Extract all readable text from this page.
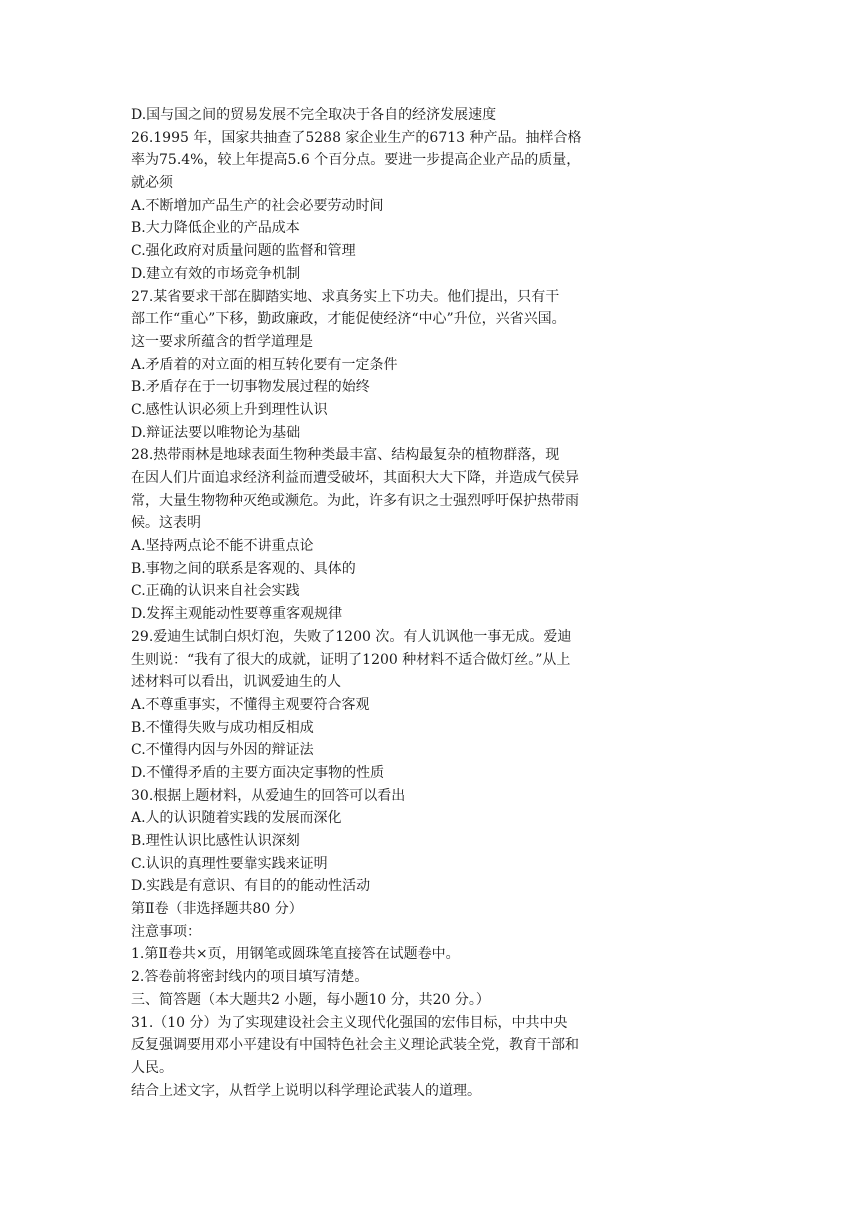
D.国与国之间的贸易发展不完全取决于各自的经济发展速度
26.1995 年，国家共抽查了5288 家企业生产的6713 种产品。抽样合格
率为75.4%，较上年提高5.6 个百分点。要进一步提高企业产品的质量，
就必须
A.不断增加产品生产的社会必要劳动时间
B.大力降低企业的产品成本
C.强化政府对质量问题的监督和管理
D.建立有效的市场竞争机制
27.某省要求干部在脚踏实地、求真务实上下功夫。他们提出，只有干
部工作“重心”下移，勤政廉政，才能促使经济“中心”升位，兴省兴国。
这一要求所蕴含的哲学道理是
A.矛盾着的对立面的相互转化要有一定条件
B.矛盾存在于一切事物发展过程的始终
C.感性认识必须上升到理性认识
D.辩证法要以唯物论为基础
28.热带雨林是地球表面生物种类最丰富、结构最复杂的植物群落，现
在因人们片面追求经济利益而遭受破坏，其面积大大下降，并造成气侯异
常，大量生物物种灭绝或濒危。为此，许多有识之士强烈呼吁保护热带雨
候。这表明
A.坚持两点论不能不讲重点论
B.事物之间的联系是客观的、具体的
C.正确的认识来自社会实践
D.发挥主观能动性要尊重客观规律
29.爱迪生试制白炽灯泡，失败了1200 次。有人讥讽他一事无成。爱迪
生则说：“我有了很大的成就，证明了1200 种材料不适合做灯丝。”从上
述材料可以看出，讥讽爱迪生的人
A.不尊重事实，不懂得主观要符合客观
B.不懂得失败与成功相反相成
C.不懂得内因与外因的辩证法
D.不懂得矛盾的主要方面决定事物的性质
30.根据上题材料，从爱迪生的回答可以看出
A.人的认识随着实践的发展而深化
B.理性认识比感性认识深刻
C.认识的真理性要靠实践来证明
D.实践是有意识、有目的的能动性活动
第Ⅱ卷（非选择题共80 分）
注意事项：
1.第Ⅱ卷共×页，用钢笔或圆珠笔直接答在试题卷中。
2.答卷前将密封线内的项目填写清楚。
三、简答题（本大题共2 小题，每小题10 分，共20 分。）
31.（10 分）为了实现建设社会主义现代化强国的宏伟目标，中共中央
反复强调要用邓小平建设有中国特色社会主义理论武装全党，教育干部和
人民。
结合上述文字，从哲学上说明以科学理论武装人的道理。
